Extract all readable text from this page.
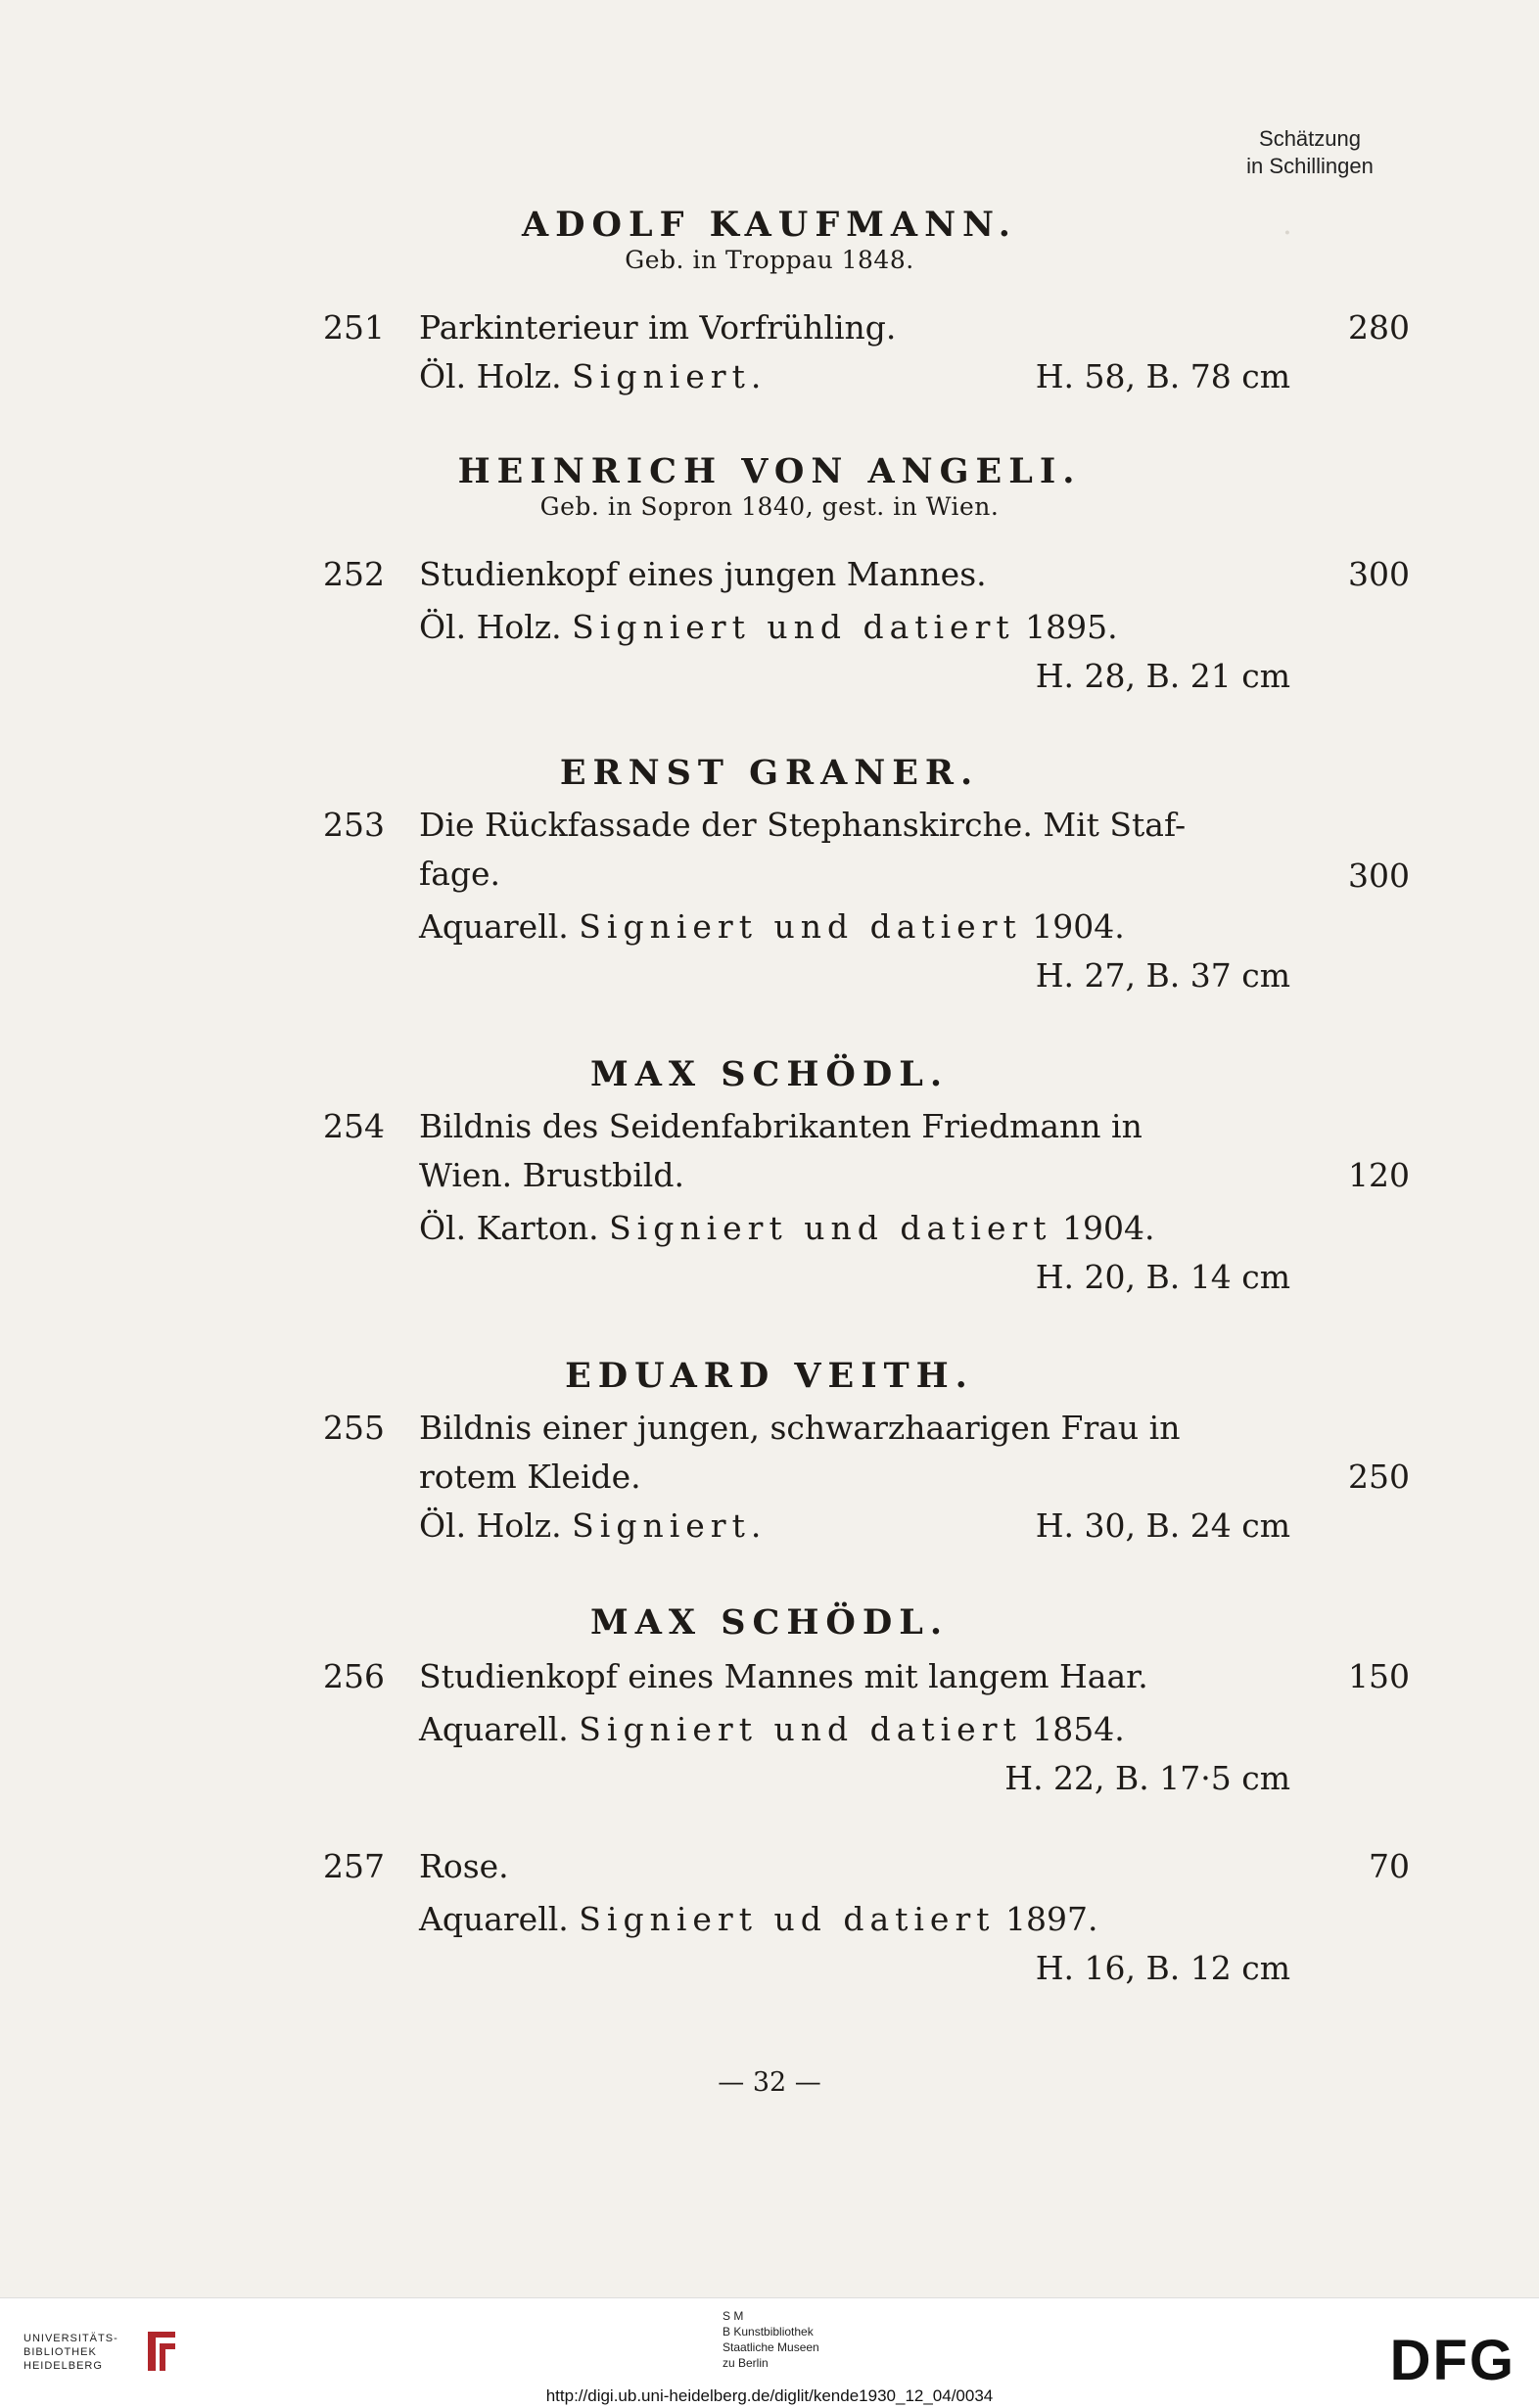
·
Schätzung
in Schillingen
ADOLF KAUFMANN.
Geb. in Troppau 1848.
251 Parkinterieur im Vorfrühling.	280
Öl. Holz. Signiert.	H. 58, B. 78 cm
HEINRICH VON ANGELI.
Geb. in Sopron 1840, gest. in Wien.
252 Studienkopf eines jungen Mannes.	300
Öl. Holz. Signiert und datiert 1895.
H. 28, B. 21 cm
ERNST GRANER.
253 Die Rückfassade der Stephanskirche. Mit Staf-
fage.	300
Aquarell. Signiert und datiert 1904.
H. 27, B. 37 cm
MAX SCHÖDL.
254 Bildnis des Seidenfabrikanten Friedmann in
Wien. Brustbild.	120
Öl. Karton. Signiert und datiert 1904.
H. 20, B. 14 cm
EDUARD VEITH.
255 Bildnis einer jungen, schwarzhaarigen Frau in
rotem Kleide.	250
Öl. Holz. Signiert.	H. 30, B. 24 cm
MAX SCHÖDL.
256 Studienkopf eines Mannes mit langem Haar.	150
Aquarell. Signiert und datiert 1854.
H. 22, B. 17·5 cm
257 Rose.	70
Aquarell. Signiert ud datiert 1897.
H. 16, B. 12 cm
— 32 —
UNIVERSITÄTS-
BIBLIOTHEK
HEIDELBERG
S M
B Kunstbibliothek
Staatliche Museen
zu Berlin	DFG
http://digi.ub.uni-heidelberg.de/diglit/kende1930_12_04/0034
